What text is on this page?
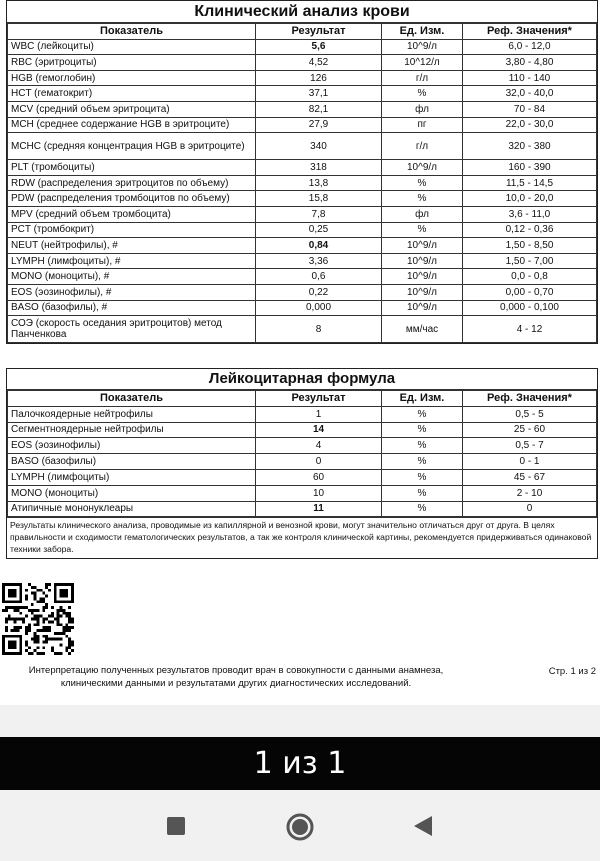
Клинический анализ крови
Показатель	Результат	Ед. Изм.	Реф. Значения*
WBC (лейкоциты)	5,6	10^9/л	6,0 - 12,0
RBC (эритроциты)	4,52	10^12/л	3,80 - 4,80
HGB (гемоглобин)	126	г/л	110 - 140
HCT (гематокрит)	37,1	%	32,0 - 40,0
MCV (средний объем эритроцита)	82,1	фл	70 - 84
MCH (среднее содержание HGB в эритроците)	27,9	пг	22,0 - 30,0
MCHC (средняя концентрация HGB в эритроците)	340	г/л	320 - 380
PLT (тромбоциты)	318	10^9/л	160 - 390
RDW (распределения эритроцитов по объему)	13,8	%	11,5 - 14,5
PDW (распределения тромбоцитов по объему)	15,8	%	10,0 - 20,0
MPV (средний объем тромбоцита)	7,8	фл	3,6 - 11,0
PCT (тромбокрит)	0,25	%	0,12 - 0,36
NEUT (нейтрофилы), #	0,84	10^9/л	1,50 - 8,50
LYMPH (лимфоциты), #	3,36	10^9/л	1,50 - 7,00
MONO (моноциты), #	0,6	10^9/л	0,0 - 0,8
EOS (эозинофилы), #	0,22	10^9/л	0,00 - 0,70
BASO (базофилы), #	0,000	10^9/л	0,000 - 0,100
СОЭ (скорость оседания эритроцитов) метод Панченкова	8	мм/час	4 - 12
Лейкоцитарная формула
Показатель	Результат	Ед. Изм.	Реф. Значения*
Палочкоядерные нейтрофилы	1	%	0,5 - 5
Сегментноядерные нейтрофилы	14	%	25 - 60
EOS (эозинофилы)	4	%	0,5 - 7
BASO (базофилы)	0	%	0 - 1
LYMPH (лимфоциты)	60	%	45 - 67
MONO (моноциты)	10	%	2 - 10
Атипичные мононуклеары	11	%	0
Результаты клинического анализа, проводимые из капиллярной и венозной крови, могут значительно отличаться друг от друга. В целях правильности и сходимости гематологических результатов, а так же контроля клинической картины, рекомендуется придерживаться одинаковой техники забора.
Интерпретацию полученных результатов проводит врач в совокупности с данными анамнеза, клиническими данными и результатами других диагностических исследований.
Стр. 1 из 2
1 из 1
